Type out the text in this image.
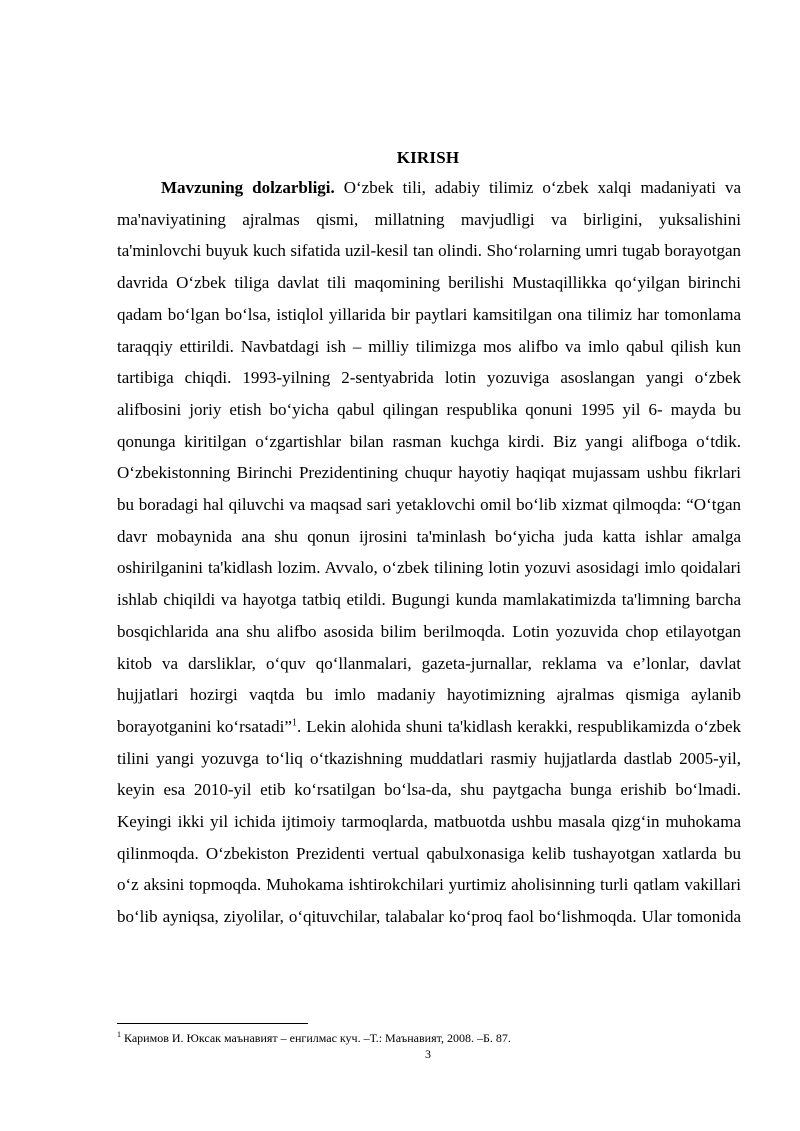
KIRISH

Mavzuning dolzarbligi. O‘zbek tili, adabiy tilimiz o‘zbek xalqi madaniyati va ma'naviyatining ajralmas qismi, millatning mavjudligi va birligini, yuksalishini ta'minlovchi buyuk kuch sifatida uzil-kesil tan olindi. Sho‘rolarning umri tugab borayotgan davrida O‘zbek tiliga davlat tili maqomining berilishi Mustaqillikka qo‘yilgan birinchi qadam bo‘lgan bo‘lsa, istiqlol yillarida bir paytlari kamsitilgan ona tilimiz har tomonlama taraqqiy ettirildi. Navbatdagi ish – milliy tilimizga mos alifbo va imlo qabul qilish kun tartibiga chiqdi. 1993-yilning 2-sentyabrida lotin yozuviga asoslangan yangi o‘zbek alifbosini joriy etish bo‘yicha qabul qilingan respublika qonuni 1995 yil 6- mayda bu qonunga kiritilgan o‘zgartishlar bilan rasman kuchga kirdi. Biz yangi alifboga o‘tdik. O‘zbekistonning Birinchi Prezidentining chuqur hayotiy haqiqat mujassam ushbu fikrlari bu boradagi hal qiluvchi va maqsad sari yetaklovchi omil bo‘lib xizmat qilmoqda: “O‘tgan davr mobaynida ana shu qonun ijrosini ta'minlash bo‘yicha juda katta ishlar amalga oshirilganini ta'kidlash lozim. Avvalo, o‘zbek tilining lotin yozuvi asosidagi imlo qoidalari ishlab chiqildi va hayotga tatbiq etildi. Bugungi kunda mamlakatimizda ta'limning barcha bosqichlarida ana shu alifbo asosida bilim berilmoqda. Lotin yozuvida chop etilayotgan kitob va darsliklar, o‘quv qo‘llanmalari, gazeta-jurnallar, reklama va e’lonlar, davlat hujjatlari hozirgi vaqtda bu imlo madaniy hayotimizning ajralmas qismiga aylanib borayotganini ko‘rsatadi”$^1$. Lekin alohida shuni ta'kidlash kerakki, respublikamizda o‘zbek tilini yangi yozuvga to‘liq o‘tkazishning muddatlari rasmiy hujjatlarda dastlab 2005-yil, keyin esa 2010-yil etib ko‘rsatilgan bo‘lsa-da, shu paytgacha bunga erishib bo‘lmadi. Keyingi ikki yil ichida ijtimoiy tarmoqlarda, matbuotda ushbu masala qizg‘in muhokama qilinmoqda. O‘zbekiston Prezidenti vertual qabulxonasiga kelib tushayotgan xatlarda bu o‘z aksini topmoqda. Muhokama ishtirokchilari yurtimiz aholisinning turli qatlam vakillari bo‘lib ayniqsa, ziyolilar, o‘qituvchilar, talabalar ko‘proq faol bo‘lishmoqda. Ular tomonida

$^1$ Каримов И. Юксак маънавият – енгилмас куч. –Т.: Маънавият, 2008. –Б. 87.
3
